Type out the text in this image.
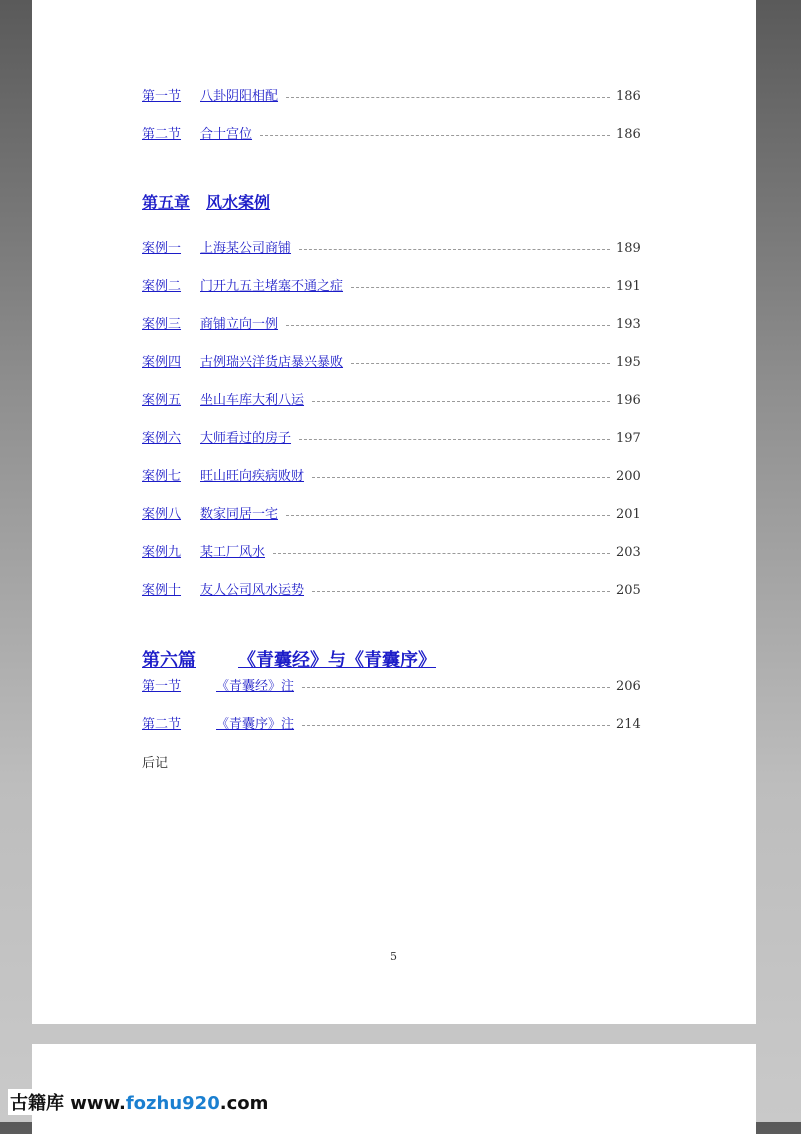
第一节	八卦阴阳相配	186
第二节	合十宫位	186
第五章 风水案例
案例一	上海某公司商铺	189
案例二	门开九五主堵塞不通之症	191
案例三	商铺立向一例	193
案例四	古例瑞兴洋货店暴兴暴败	195
案例五	坐山车库大利八运	196
案例六	大师看过的房子	197
案例七	旺山旺向疾病败财	200
案例八	数家同居一宅	201
案例九	某工厂风水	203
案例十	友人公司风水运势	205
第六篇 《青囊经》与《青囊序》
第一节	《青囊经》注	206
第二节	《青囊序》注	214
后记
5
古籍库 www.fozhu920.com
